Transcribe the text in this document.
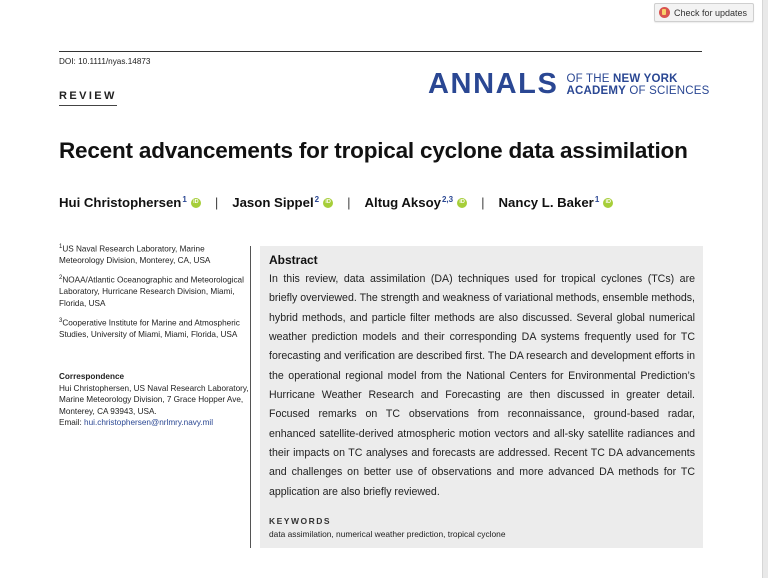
Check for updates
DOI: 10.1111/nyas.14873
REVIEW	ANNALS OF THE NEW YORK
ACADEMY OF SCIENCES
Recent advancements for tropical cyclone data assimilation
Hui Christophersen$^1$ iD | Jason Sippel$^2$ iD | Altug Aksoy$^{2,3}$ iD | Nancy L. Baker$^1$
iD
$^1$US Naval Research Laboratory, Marine Meteorology Division, Monterey, CA, USA
$^2$NOAA/Atlantic Oceanographic and Meteorological Laboratory, Hurricane Research Division, Miami, Florida, USA
$^3$Cooperative Institute for Marine and Atmospheric Studies, University of Miami, Miami, Florida, USA
Correspondence
Hui Christophersen, US Naval Research Laboratory, Marine Meteorology Division, 7 Grace Hopper Ave, Monterey, CA 93943, USA.
Email: hui.christophersen@nrlmry.navy.mil
Abstract
In this review, data assimilation (DA) techniques used for tropical cyclones (TCs) are briefly overviewed. The strength and weakness of variational methods, ensemble methods, hybrid methods, and particle filter methods are also discussed. Several global numerical weather prediction models and their corresponding DA systems frequently used for TC forecasting and verification are described first. The DA research and development efforts in the operational regional model from the National Centers for Environmental Prediction’s Hurricane Weather Research and Forecasting are then discussed in greater detail. Focused remarks on TC observations from reconnaissance, ground-based radar, enhanced satellite-derived atmospheric motion vectors and all-sky satellite radiances and their impacts on TC analyses and forecasts are addressed. Recent TC DA advancements and challenges on better use of observations and more advanced DA methods for TC application are also briefly reviewed.
KEYWORDS
data assimilation, numerical weather prediction, tropical cyclone
